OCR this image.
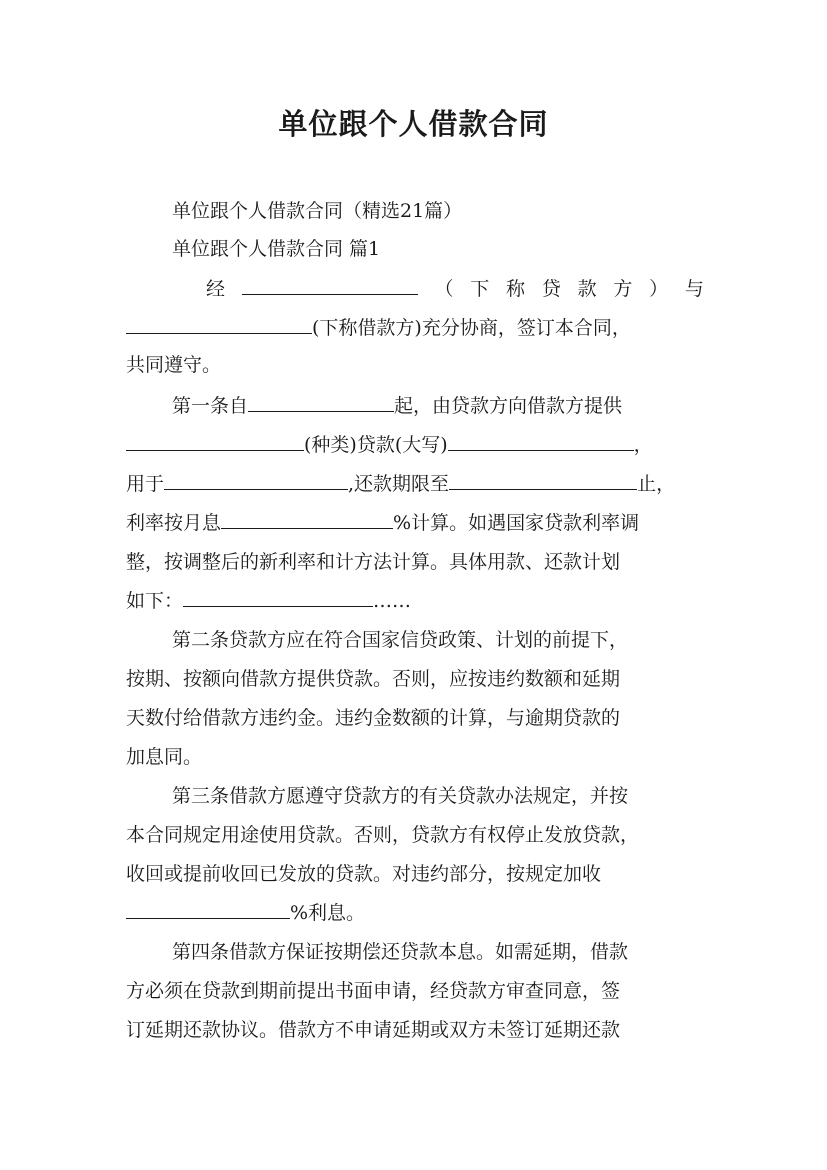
单位跟个人借款合同
单位跟个人借款合同（精选21篇）
单位跟个人借款合同 篇1
经	（ 下 称 贷 款 方 ） 与
(下称借款方)充分协商，签订本合同，
共同遵守。
第一条自	起，由贷款方向借款方提供
(种类)贷款(大写)	，
用于	,还款期限至	止，
利率按月息	%计算。如遇国家贷款利率调
整，按调整后的新利率和计方法计算。具体用款、还款计划
如下：	……
第二条贷款方应在符合国家信贷政策、计划的前提下，
按期、按额向借款方提供贷款。否则，应按违约数额和延期
天数付给借款方违约金。违约金数额的计算，与逾期贷款的
加息同。
第三条借款方愿遵守贷款方的有关贷款办法规定，并按
本合同规定用途使用贷款。否则，贷款方有权停止发放贷款，
收回或提前收回已发放的贷款。对违约部分，按规定加收
%利息。
第四条借款方保证按期偿还贷款本息。如需延期，借款
方必须在贷款到期前提出书面申请，经贷款方审查同意，签
订延期还款协议。借款方不申请延期或双方未签订延期还款
